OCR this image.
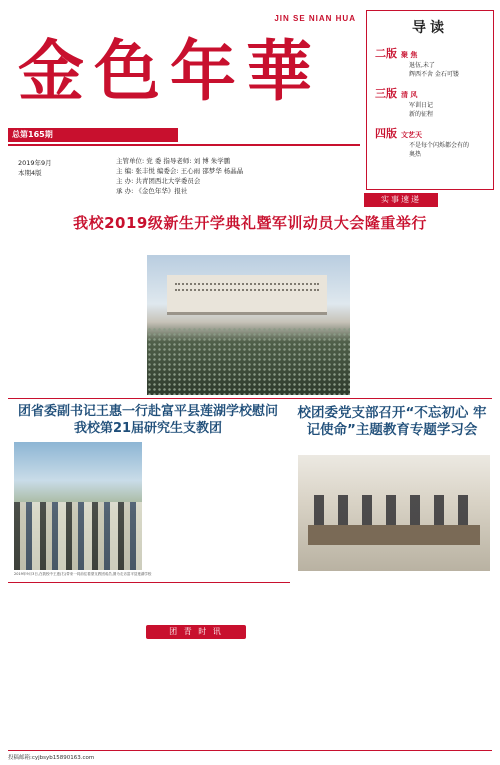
JIN SE NIAN HUA
金 色 年 華
总第165期
2019年9月
本期4版
主管单位: 党 委 指导老师: 刘 博 朱学鹏
主 编: 张丰悦 编委会: 王心雨 邵梦华 杨晶晶
主 办: 共青团西北大学委员会
承 办: 《金色年华》报社
导读
二版 聚 焦
退伍,未了
辉西不舍 金石可镂
三版 清 风
军训日记
新的征程
四版 文艺天
不是每个闪烁都会有的
奥热
实事速递
我校2019级新生开学典礼暨军训动员大会隆重举行

团省委副书记王惠一行赴富平县莲湖学校慰问我校第21届研究生支教团
校团委党支部召开“不忘初心 牢记使命”主题教育专题学习会
2019年9月3日,在我校中王惠(右)带来一同前往看望支教团成员,图为走访富平县莲湖学校
团 青 时 讯
投稿邮箱:cyjbsyb15890163.com
